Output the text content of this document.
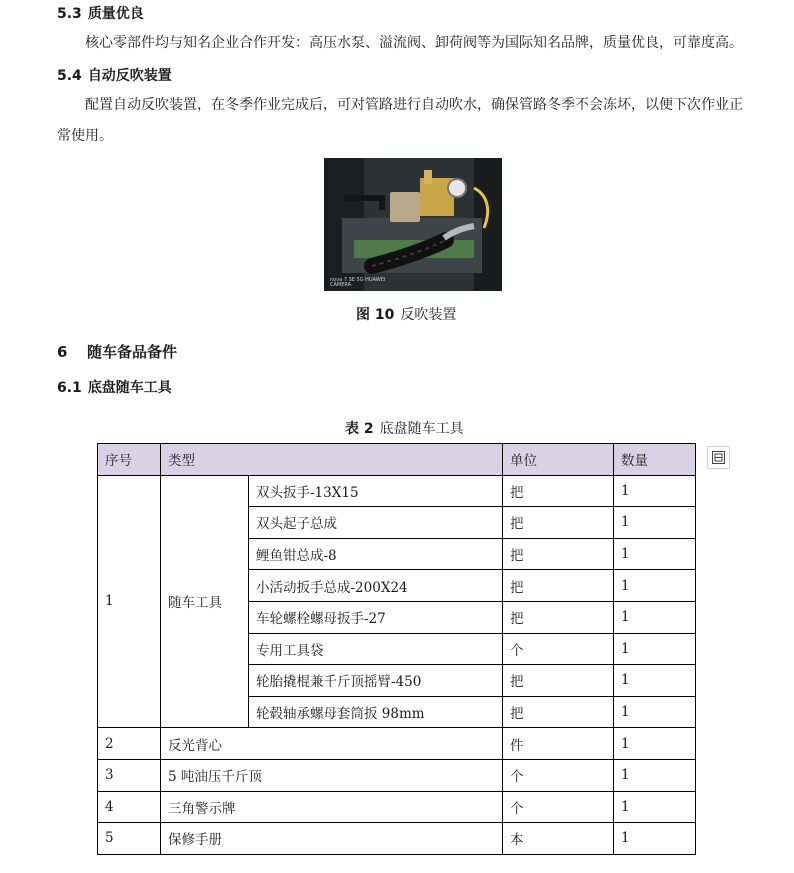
5.3 质量优良
核心零部件均与知名企业合作开发：高压水泵、溢流阀、卸荷阀等为国际知名品牌，质量优良，可靠度高。
5.4 自动反吹装置
配置自动反吹装置，在冬季作业完成后，可对管路进行自动吹水，确保管路冬季不会冻坏，以便下次作业正
常使用。
nova 7 SE 5G HUAWEI CAMERA
图 10 反吹装置
6 随车备品备件
6.1 底盘随车工具
表 2 底盘随车工具
序号	类型		单位	数量
1	随车工具	双头扳手-13X15	把	1
		双头起子总成	把	1
		鲤鱼钳总成-8	把	1
		小活动扳手总成-200X24	把	1
		车轮螺栓螺母扳手-27	把	1
		专用工具袋	个	1
		轮胎撬棍兼千斤顶摇臂-450	把	1
		轮毂轴承螺母套筒扳 98mm	把	1
2	反光背心		件	1
3	5 吨油压千斤顶		个	1
4	三角警示牌		个	1
5	保修手册		本	1
